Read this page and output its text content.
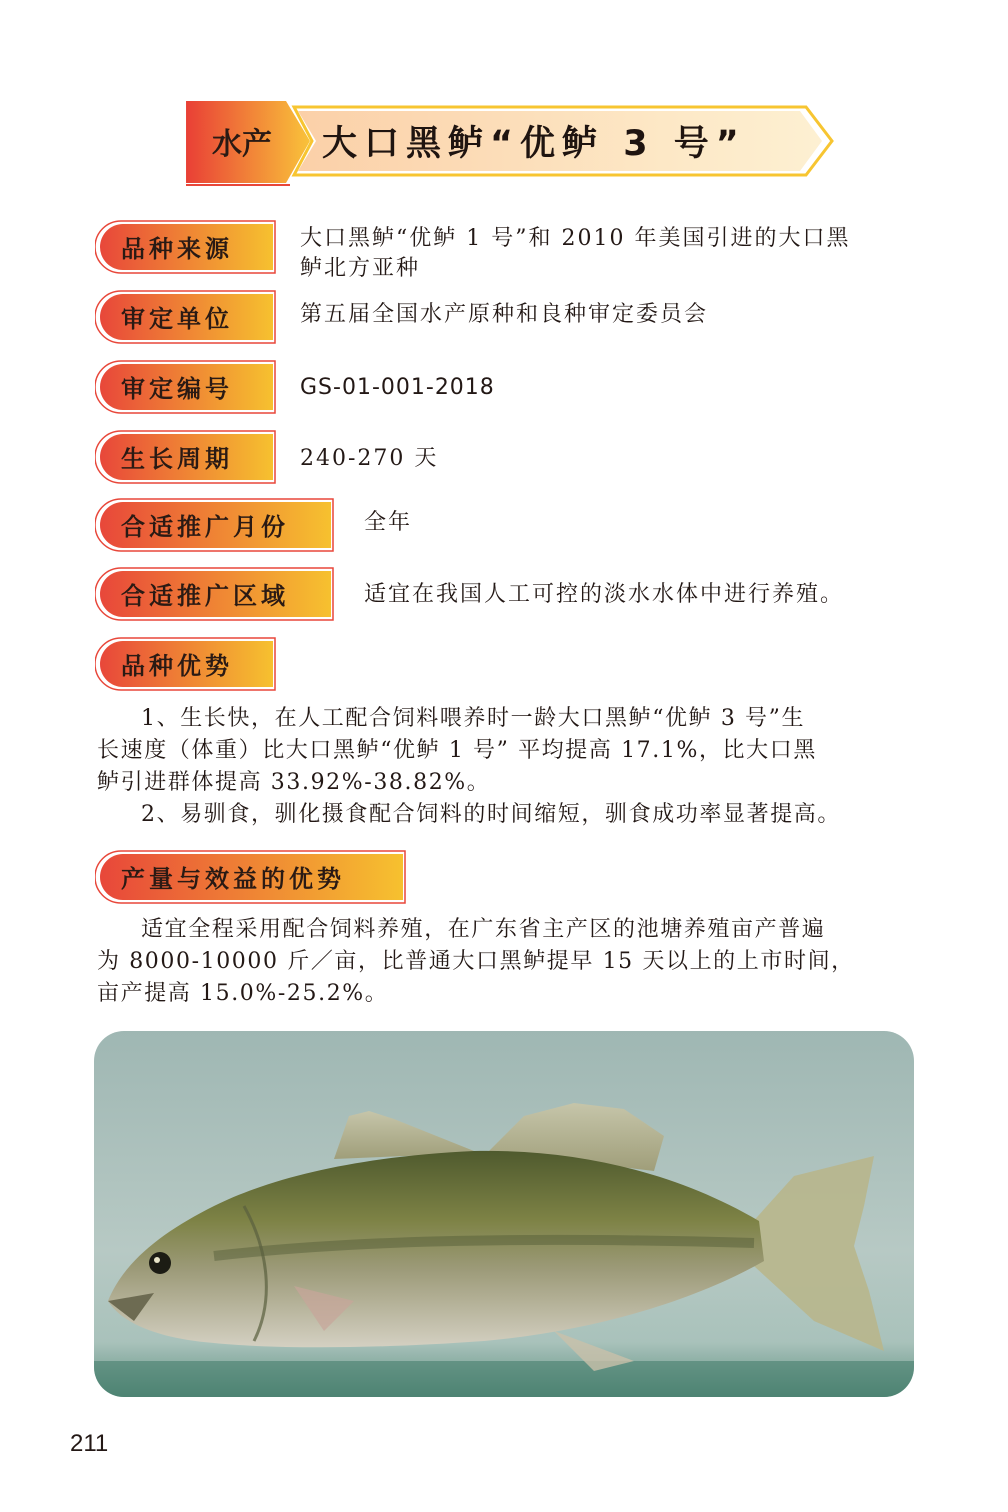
水产	大口黑鲈“优鲈 3 号”
品种来源	大口黑鲈“优鲈 1 号”和 2010 年美国引进的大口黑
鲈北方亚种
审定单位	第五届全国水产原种和良种审定委员会
审定编号	GS-01-001-2018
生长周期	240-270 天
合适推广月份	全年
合适推广区域	适宜在我国人工可控的淡水水体中进行养殖。
品种优势
1、生长快，在人工配合饲料喂养时一龄大口黑鲈“优鲈 3 号”生
长速度（体重）比大口黑鲈“优鲈 1 号” 平均提高 17.1%，比大口黑
鲈引进群体提高 33.92%-38.82%。
2、易驯食，驯化摄食配合饲料的时间缩短，驯食成功率显著提高。
产量与效益的优势
适宜全程采用配合饲料养殖，在广东省主产区的池塘养殖亩产普遍
为 8000-10000 斤／亩，比普通大口黑鲈提早 15 天以上的上市时间，
亩产提高 15.0%-25.2%。
211
